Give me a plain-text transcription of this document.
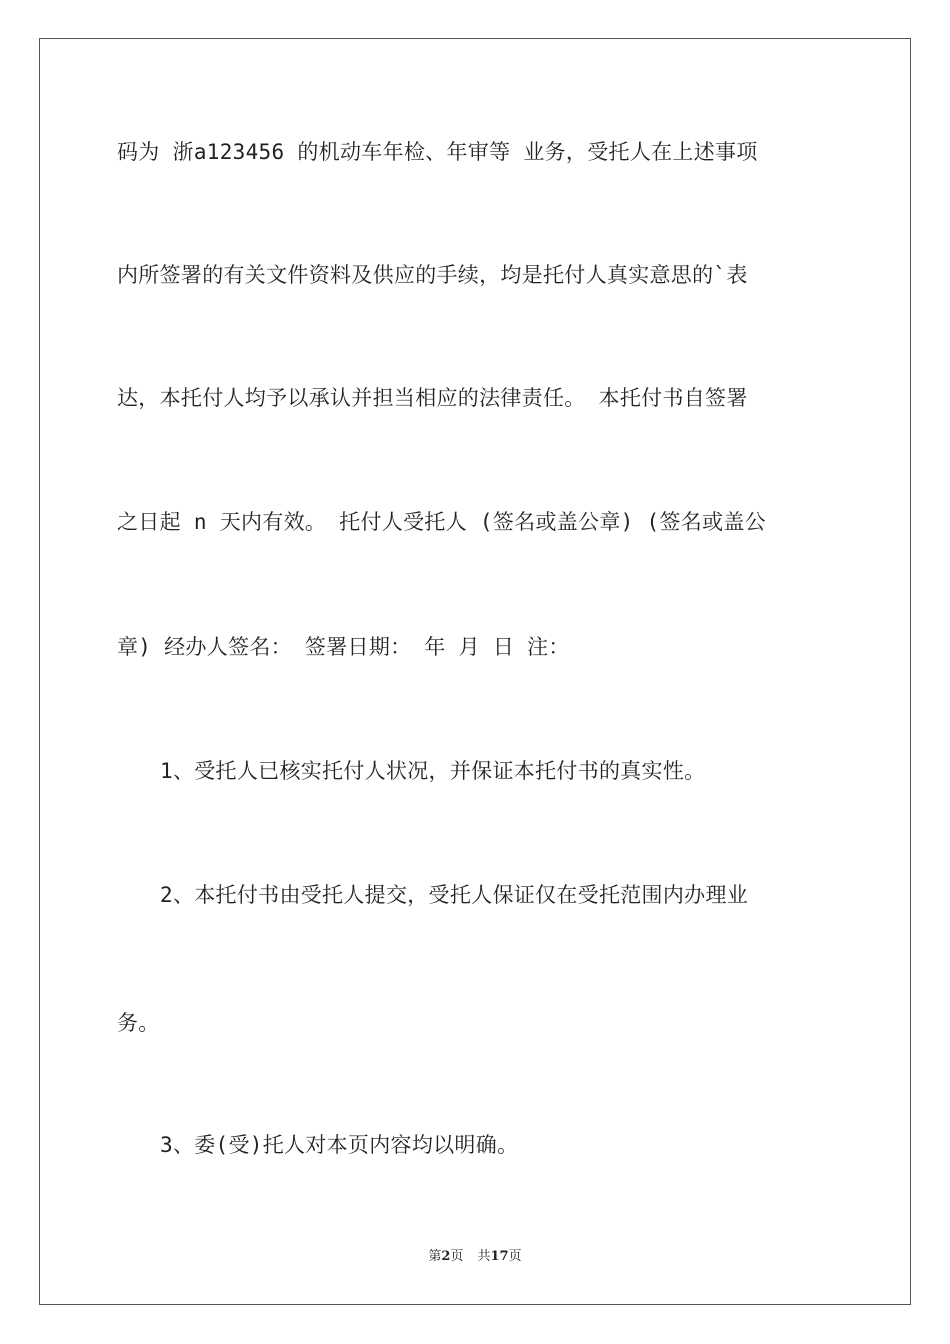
码为 浙a123456 的机动车年检、年审等 业务，受托人在上述事项
内所签署的有关文件资料及供应的手续，均是托付人真实意思的`表
达，本托付人均予以承认并担当相应的法律责任。 本托付书自签署
之日起 n 天内有效。 托付人受托人 (签名或盖公章) (签名或盖公
章) 经办人签名： 签署日期： 年 月 日 注：
1、受托人已核实托付人状况，并保证本托付书的真实性。
2、本托付书由受托人提交，受托人保证仅在受托范围内办理业
务。
3、委(受)托人对本页内容均以明确。
第2页 共17页
